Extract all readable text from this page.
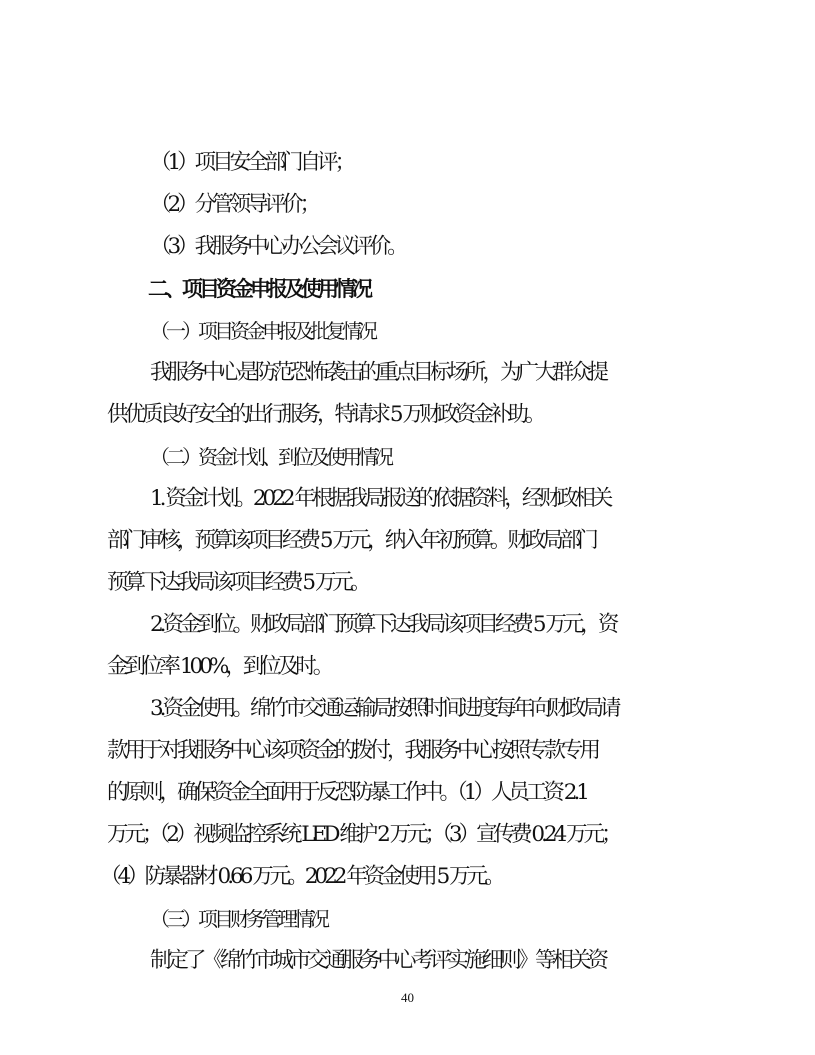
（1）项目安全部门自评；
（2）分管领导评价；
（3）我服务中心办公会议评价。
二、项目资金申报及使用情况
（一）项目资金申报及批复情况
我服务中心是防范恐怖袭击的重点目标场所，为广大群众提
供优质良好安全的出行服务，特请求 5 万财政资金补助。
（二）资金计划、到位及使用情况
1. 资金计划。2022 年根据我局报送的依据资料，经财政相关
部门审核，预算该项目经费 5 万元，纳入年初预算。财政局部门
预算下达我局该项目经费 5 万元。
2.资金到位。财政局部门预算下达我局该项目经费 5 万元，资
金到位率 100%，到位及时。
3.资金使用。绵竹市交通运输局按照时间进度每年向财政局请
款用于对我服务中心该项资金的拨付，我服务中心按照专款专用
的原则，确保资金全面用于反恐防暴工作中。（1）人员工资 2.1
万元；（2）视频监控系统 LED 维护 2 万元；（3）宣传费 0.24 万元；
（4）防暴器材 0.66 万元。2022 年资金使用 5 万元。
（三）项目财务管理情况
制定了《绵竹市城市交通服务中心考评实施细则》等相关资
40
